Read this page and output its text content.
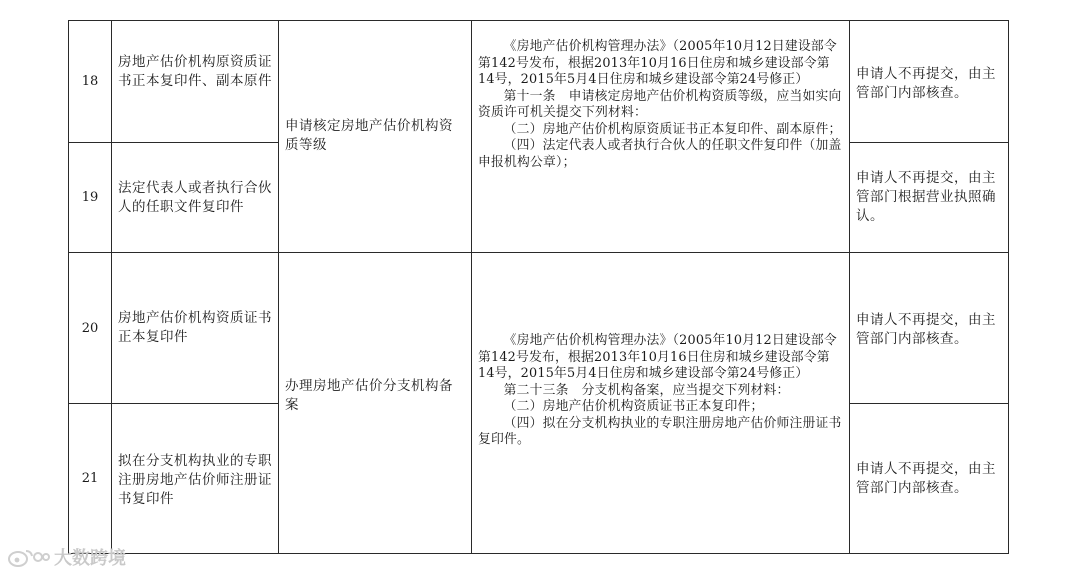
18	房地产估价机构原资质证书正本复印件、副本原件	申请核定房地产估价机构资质等级	《房地产估价机构管理办法》（2005年10月12日建设部令第142号发布，根据2013年10月16日住房和城乡建设部令第14号，2015年5月4日住房和城乡建设部令第24号修正）

第十一条　申请核定房地产估价机构资质等级，应当如实向资质许可机关提交下列材料：

（二）房地产估价机构原资质证书正本复印件、副本原件；

（四）法定代表人或者执行合伙人的任职文件复印件（加盖申报机构公章）；	申请人不再提交，由主管部门内部核查。

19	法定代表人或者执行合伙人的任职文件复印件			申请人不再提交，由主管部门根据营业执照确认。

20	房地产估价机构资质证书正本复印件	办理房地产估价分支机构备案	《房地产估价机构管理办法》（2005年10月12日建设部令第142号发布，根据2013年10月16日住房和城乡建设部令第14号，2015年5月4日住房和城乡建设部令第24号修正）

第二十三条　分支机构备案，应当提交下列材料：

（二）房地产估价机构资质证书正本复印件；

（四）拟在分支机构执业的专职注册房地产估价师注册证书复印件。	申请人不再提交，由主管部门内部核查。

21	拟在分支机构执业的专职注册房地产估价师注册证书复印件			申请人不再提交，由主管部门内部核查。
大数跨境
